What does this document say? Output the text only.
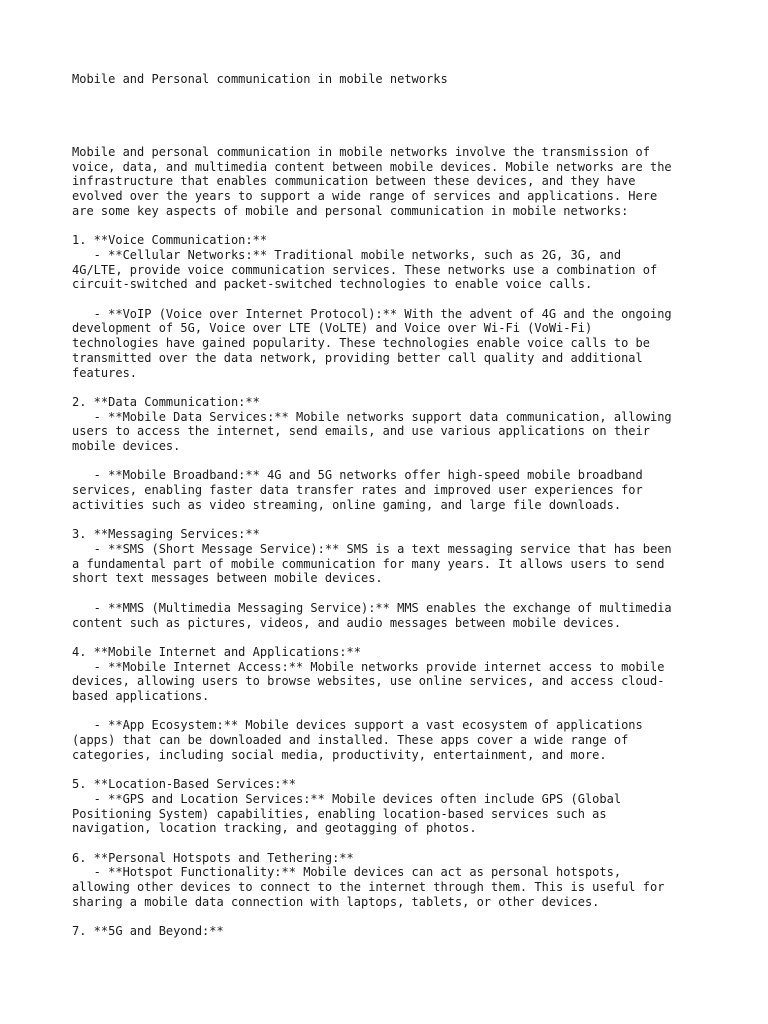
Mobile and Personal communication in mobile networks
Mobile and personal communication in mobile networks involve the transmission of
voice, data, and multimedia content between mobile devices. Mobile networks are the
infrastructure that enables communication between these devices, and they have
evolved over the years to support a wide range of services and applications. Here
are some key aspects of mobile and personal communication in mobile networks:

1. **Voice Communication:**
- **Cellular Networks:** Traditional mobile networks, such as 2G, 3G, and
4G/LTE, provide voice communication services. These networks use a combination of
circuit-switched and packet-switched technologies to enable voice calls.

- **VoIP (Voice over Internet Protocol):** With the advent of 4G and the ongoing
development of 5G, Voice over LTE (VoLTE) and Voice over Wi-Fi (VoWi-Fi)
technologies have gained popularity. These technologies enable voice calls to be
transmitted over the data network, providing better call quality and additional
features.

2. **Data Communication:**
- **Mobile Data Services:** Mobile networks support data communication, allowing
users to access the internet, send emails, and use various applications on their
mobile devices.

- **Mobile Broadband:** 4G and 5G networks offer high-speed mobile broadband
services, enabling faster data transfer rates and improved user experiences for
activities such as video streaming, online gaming, and large file downloads.

3. **Messaging Services:**
- **SMS (Short Message Service):** SMS is a text messaging service that has been
a fundamental part of mobile communication for many years. It allows users to send
short text messages between mobile devices.

- **MMS (Multimedia Messaging Service):** MMS enables the exchange of multimedia
content such as pictures, videos, and audio messages between mobile devices.

4. **Mobile Internet and Applications:**
- **Mobile Internet Access:** Mobile networks provide internet access to mobile
devices, allowing users to browse websites, use online services, and access cloud-
based applications.

- **App Ecosystem:** Mobile devices support a vast ecosystem of applications
(apps) that can be downloaded and installed. These apps cover a wide range of
categories, including social media, productivity, entertainment, and more.

5. **Location-Based Services:**
- **GPS and Location Services:** Mobile devices often include GPS (Global
Positioning System) capabilities, enabling location-based services such as
navigation, location tracking, and geotagging of photos.

6. **Personal Hotspots and Tethering:**
- **Hotspot Functionality:** Mobile devices can act as personal hotspots,
allowing other devices to connect to the internet through them. This is useful for
sharing a mobile data connection with laptops, tablets, or other devices.

7. **5G and Beyond:**
